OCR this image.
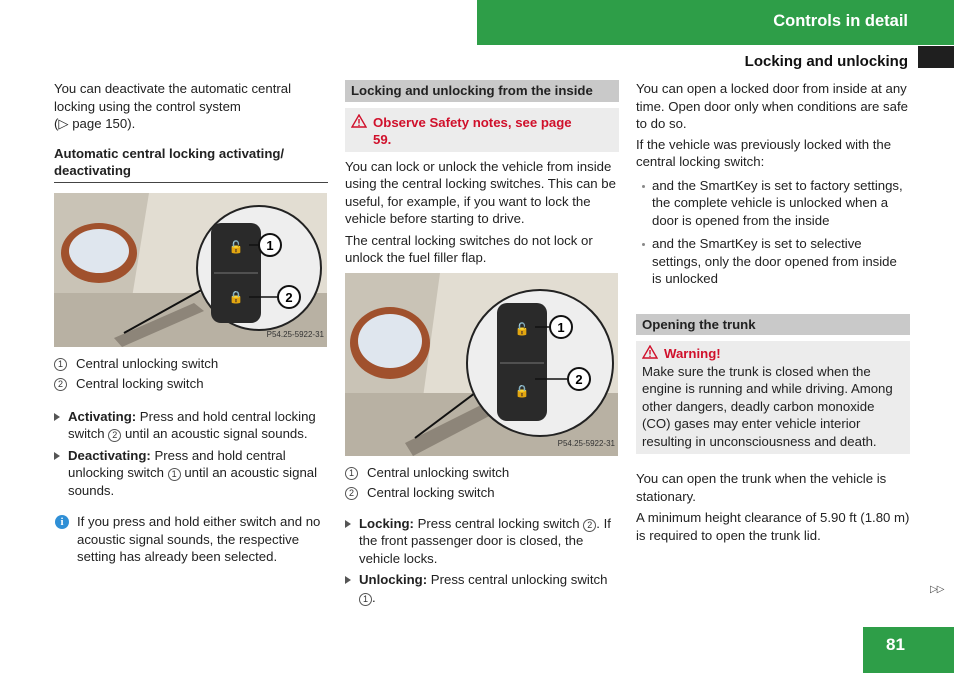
Controls in detail
Locking and unlocking

You can deactivate the automatic central locking using the control system
(▷ page 150).

Automatic central locking activating/ deactivating
🔓
🔒
1
2
P54.25-5922-31
1 Central unlocking switch
2 Central locking switch
Activating: Press and hold central locking switch 2 until an acoustic signal sounds.
Deactivating: Press and hold central unlocking switch 1 until an acoustic signal sounds.
i	If you press and hold either switch and no acoustic signal sounds, the respective setting has already been selected.
Locking and unlocking from the inside
Observe Safety notes, see page 59.

You can lock or unlock the vehicle from inside using the central locking switches. This can be useful, for example, if you want to lock the vehicle before starting to drive.

The central locking switches do not lock or unlock the fuel filler flap.

🔓
🔒
1
2
P54.25-5922-31
1 Central unlocking switch
2 Central locking switch
Locking: Press central locking switch 2 . If the front passenger door is closed, the vehicle locks.
Unlocking: Press central unlocking switch 1 .

You can open a locked door from inside at any time. Open door only when conditions are safe to do so.

If the vehicle was previously locked with the central locking switch:

and the SmartKey is set to factory settings, the complete vehicle is unlocked when a door is opened from the inside
and the SmartKey is set to selective settings, only the door opened from inside is unlocked
Opening the trunk
Warning!
Make sure the trunk is closed when the engine is running and while driving. Among other dangers, deadly carbon monoxide (CO) gases may enter vehicle interior resulting in unconsciousness and death.

You can open the trunk when the vehicle is stationary.

A minimum height clearance of 5.90 ft (1.80 m) is required to open the trunk lid.

▷▷
81
